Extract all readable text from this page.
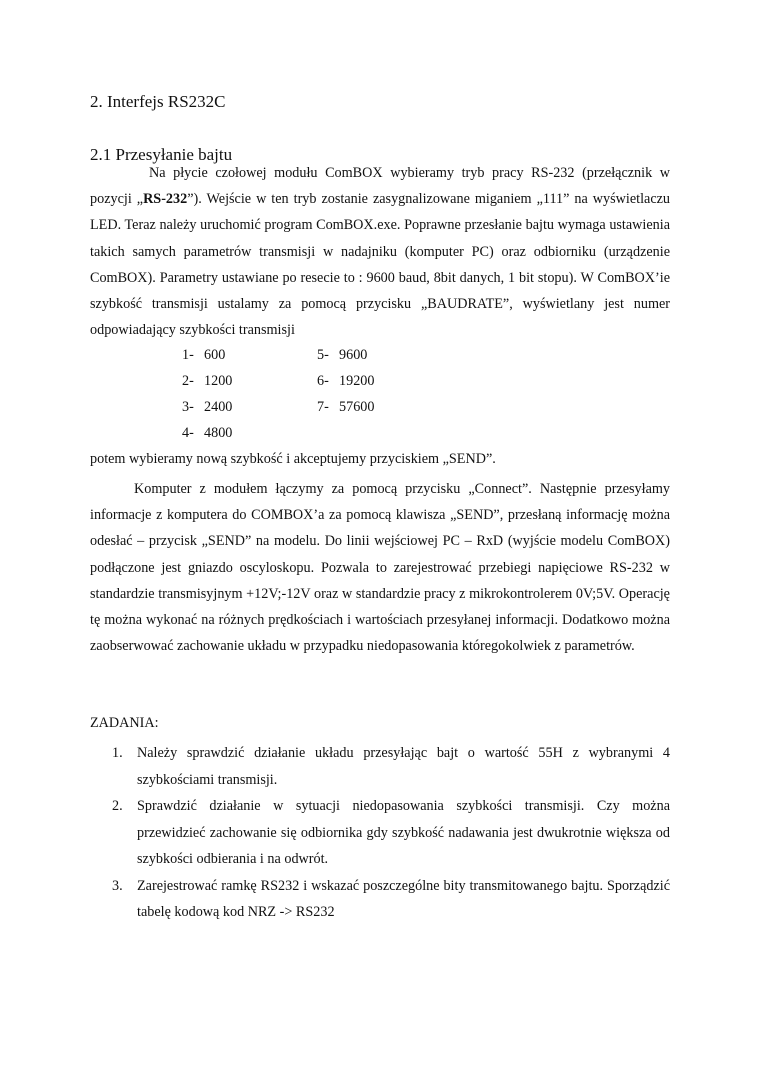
2. Interfejs RS232C
2.1 Przesyłanie bajtu
Na płycie czołowej modułu ComBOX wybieramy tryb pracy RS-232 (przełącznik w pozycji „RS-232”). Wejście w ten tryb zostanie zasygnalizowane miganiem „111” na wyświetlaczu LED. Teraz należy uruchomić program ComBOX.exe. Poprawne przesłanie bajtu wymaga ustawienia takich samych parametrów transmisji w nadajniku (komputer PC) oraz odbiorniku (urządzenie ComBOX). Parametry ustawiane po resecie to : 9600 baud, 8bit danych, 1 bit stopu). W ComBOX’ie szybkość transmisji ustalamy za pomocą przycisku „BAUDRATE”, wyświetlany jest numer odpowiadający szybkości transmisji
1- 600
2- 1200
3- 2400
4- 4800
5- 9600
6- 19200
7- 57600
potem wybieramy nową szybkość i akceptujemy przyciskiem „SEND”.
Komputer z modułem łączymy za pomocą przycisku „Connect”. Następnie przesyłamy informacje z komputera do COMBOX’a za pomocą klawisza „SEND”, przesłaną informację można odesłać – przycisk „SEND” na modelu. Do linii wejściowej PC – RxD (wyjście modelu ComBOX) podłączone jest gniazdo oscyloskopu. Pozwala to zarejestrować przebiegi napięciowe RS-232 w standardzie transmisyjnym +12V;-12V oraz w standardzie pracy z mikrokontrolerem 0V;5V. Operację tę można wykonać na różnych prędkościach i wartościach przesyłanej informacji. Dodatkowo można zaobserwować zachowanie układu w przypadku niedopasowania któregokolwiek z parametrów.
ZADANIA:
1. Należy sprawdzić działanie układu przesyłając bajt o wartość 55H z wybranymi 4 szybkościami transmisji.
2. Sprawdzić działanie w sytuacji niedopasowania szybkości transmisji. Czy można przewidzieć zachowanie się odbiornika gdy szybkość nadawania jest dwukrotnie większa od szybkości odbierania i na odwrót.
3. Zarejestrować ramkę RS232 i wskazać poszczególne bity transmitowanego bajtu. Sporządzić tabelę kodową kod NRZ -> RS232
